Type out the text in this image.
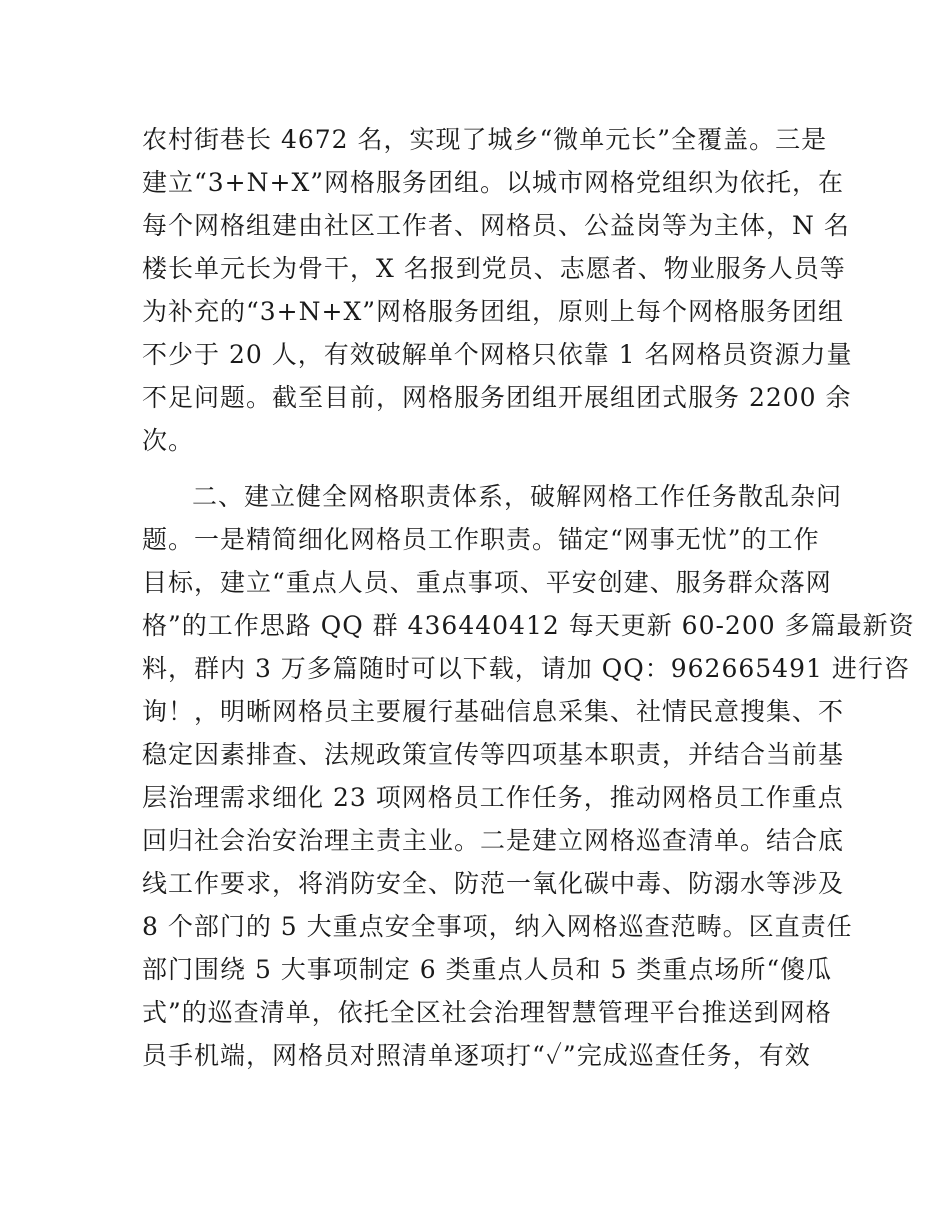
农村街巷长 4672 名，实现了城乡“微单元长”全覆盖。三是
建立“3+N+X”网格服务团组。以城市网格党组织为依托，在
每个网格组建由社区工作者、网格员、公益岗等为主体，N 名
楼长单元长为骨干，X 名报到党员、志愿者、物业服务人员等
为补充的“3+N+X”网格服务团组，原则上每个网格服务团组
不少于 20 人，有效破解单个网格只依靠 1 名网格员资源力量
不足问题。截至目前，网格服务团组开展组团式服务 2200 余
次。
二、建立健全网格职责体系，破解网格工作任务散乱杂问
题。一是精简细化网格员工作职责。锚定“网事无忧”的工作
目标，建立“重点人员、重点事项、平安创建、服务群众落网
格”的工作思路 QQ 群 436440412 每天更新 60-200 多篇最新资
料，群内 3 万多篇随时可以下载，请加 QQ：962665491 进行咨
询！，明晰网格员主要履行基础信息采集、社情民意搜集、不
稳定因素排查、法规政策宣传等四项基本职责，并结合当前基
层治理需求细化 23 项网格员工作任务，推动网格员工作重点
回归社会治安治理主责主业。二是建立网格巡查清单。结合底
线工作要求，将消防安全、防范一氧化碳中毒、防溺水等涉及
8 个部门的 5 大重点安全事项，纳入网格巡查范畴。区直责任
部门围绕 5 大事项制定 6 类重点人员和 5 类重点场所“傻瓜
式”的巡查清单，依托全区社会治理智慧管理平台推送到网格
员手机端，网格员对照清单逐项打“✓”完成巡查任务，有效
